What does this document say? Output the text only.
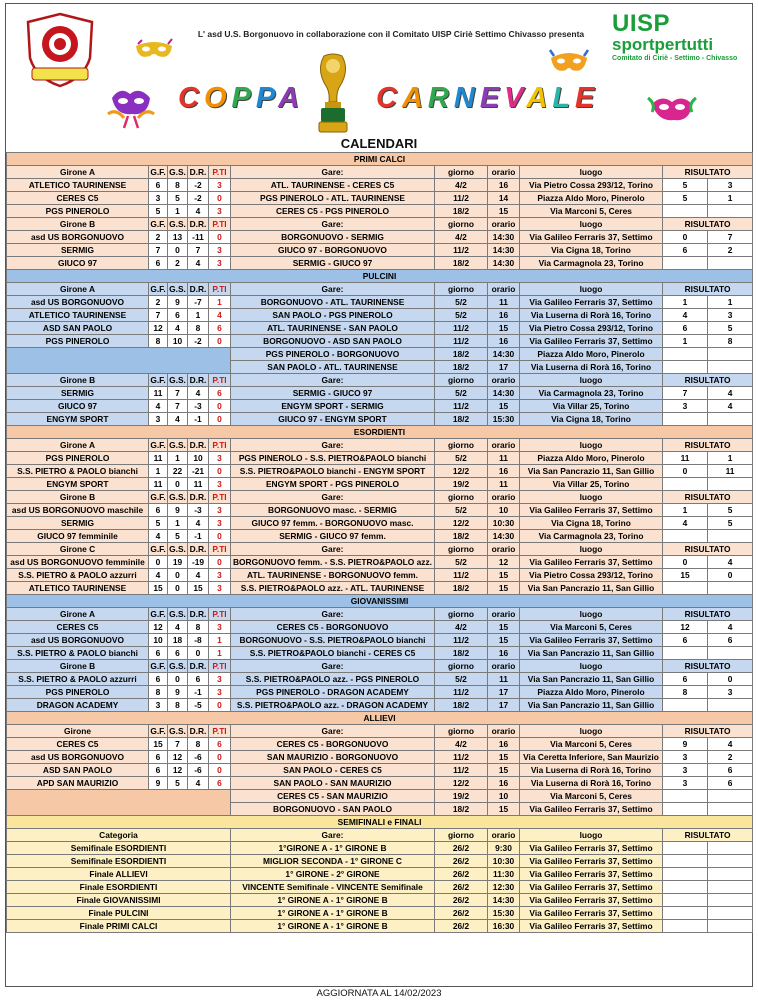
L' asd U.S. Borgonuovo in collaborazione con il Comitato UISP Ciriè Settimo Chivasso presenta UISP
sportpertutti
Comitato di Ciriè - Settimo - Chivasso
COPPA CARNEVALE
CALENDARI
PRIMI CALCI										
Girone A	G.F.	G.S.	D.R.	P.TI	Gare:	giorno	orario	luogo	RISULTATO	
ATLETICO TAURINENSE	6	8	-2	3	ATL. TAURINENSE - CERES C5	4/2	16	Via Pietro Cossa 293/12, Torino	5	3
CERES C5	3	5	-2	0	PGS PINEROLO - ATL. TAURINENSE	11/2	14	Piazza Aldo Moro, Pinerolo	5	1
PGS PINEROLO	5	1	4	3	CERES C5 - PGS PINEROLO	18/2	15	Via Marconi 5, Ceres		
Girone B	G.F.	G.S.	D.R.	P.TI	Gare:	giorno	orario	luogo	RISULTATO	
asd US BORGONUOVO	2	13	-11	0	BORGONUOVO - SERMIG	4/2	14:30	Via Galileo Ferraris 37, Settimo	0	7
SERMIG	7	0	7	3	GIUCO 97 - BORGONUOVO	11/2	14:30	Via Cigna 18, Torino	6	2
GIUCO 97	6	2	4	3	SERMIG - GIUCO 97	18/2	14:30	Via Carmagnola 23, Torino		
PULCINI										
Girone A	G.F.	G.S.	D.R.	P.TI	Gare:	giorno	orario	luogo	RISULTATO	
asd US BORGONUOVO	2	9	-7	1	BORGONUOVO - ATL. TAURINENSE	5/2	11	Via Galileo Ferraris 37, Settimo	1	1
ATLETICO TAURINENSE	7	6	1	4	SAN PAOLO - PGS PINEROLO	5/2	16	Via Luserna di Rorà 16, Torino	4	3
ASD SAN PAOLO	12	4	8	6	ATL. TAURINENSE - SAN PAOLO	11/2	15	Via Pietro Cossa 293/12, Torino	6	5
PGS PINEROLO	8	10	-2	0	BORGONUOVO - ASD SAN PAOLO	11/2	16	Via Galileo Ferraris 37, Settimo	1	8
					PGS PINEROLO - BORGONUOVO	18/2	14:30	Piazza Aldo Moro, Pinerolo		
					SAN PAOLO - ATL. TAURINENSE	18/2	17	Via Luserna di Rorà 16, Torino		
Girone B	G.F.	G.S.	D.R.	P.TI	Gare:	giorno	orario	luogo	RISULTATO	
SERMIG	11	7	4	6	SERMIG - GIUCO 97	5/2	14:30	Via Carmagnola 23, Torino	7	4
GIUCO 97	4	7	-3	0	ENGYM SPORT - SERMIG	11/2	15	Via Villar 25, Torino	3	4
ENGYM SPORT	3	4	-1	0	GIUCO 97 - ENGYM SPORT	18/2	15:30	Via Cigna 18, Torino		
ESORDIENTI										
Girone A	G.F.	G.S.	D.R.	P.TI	Gare:	giorno	orario	luogo	RISULTATO	
PGS PINEROLO	11	1	10	3	PGS PINEROLO - S.S. PIETRO&PAOLO bianchi	5/2	11	Piazza Aldo Moro, Pinerolo	11	1
S.S. PIETRO & PAOLO bianchi	1	22	-21	0	S.S. PIETRO&PAOLO bianchi - ENGYM SPORT	12/2	16	Via San Pancrazio 11, San Gillio	0	11
ENGYM SPORT	11	0	11	3	ENGYM SPORT - PGS PINEROLO	19/2	11	Via Villar 25, Torino		
Girone B	G.F.	G.S.	D.R.	P.TI	Gare:	giorno	orario	luogo	RISULTATO	
asd US BORGONUOVO maschile	6	9	-3	3	BORGONUOVO masc. - SERMIG	5/2	10	Via Galileo Ferraris 37, Settimo	1	5
SERMIG	5	1	4	3	GIUCO 97 femm. - BORGONUOVO masc.	12/2	10:30	Via Cigna 18, Torino	4	5
GIUCO 97 femminile	4	5	-1	0	SERMIG - GIUCO 97 femm.	18/2	14:30	Via Carmagnola 23, Torino		
Girone C	G.F.	G.S.	D.R.	P.TI	Gare:	giorno	orario	luogo	RISULTATO	
asd US BORGONUOVO femminile	0	19	-19	0	BORGONUOVO femm. - S.S. PIETRO&PAOLO azz.	5/2	12	Via Galileo Ferraris 37, Settimo	0	4
S.S. PIETRO & PAOLO azzurri	4	0	4	3	ATL. TAURINENSE - BORGONUOVO femm.	11/2	15	Via Pietro Cossa 293/12, Torino	15	0
ATLETICO TAURINENSE	15	0	15	3	S.S. PIETRO&PAOLO azz. - ATL. TAURINENSE	18/2	15	Via San Pancrazio 11, San Gillio		
GIOVANISSIMI										
Girone A	G.F.	G.S.	D.R.	P.TI	Gare:	giorno	orario	luogo	RISULTATO	
CERES C5	12	4	8	3	CERES C5 - BORGONUOVO	4/2	15	Via Marconi 5, Ceres	12	4
asd US BORGONUOVO	10	18	-8	1	BORGONUOVO - S.S. PIETRO&PAOLO bianchi	11/2	15	Via Galileo Ferraris 37, Settimo	6	6
S.S. PIETRO & PAOLO bianchi	6	6	0	1	S.S. PIETRO&PAOLO bianchi - CERES C5	18/2	16	Via San Pancrazio 11, San Gillio		
Girone B	G.F.	G.S.	D.R.	P.TI	Gare:	giorno	orario	luogo	RISULTATO	
S.S. PIETRO & PAOLO azzurri	6	0	6	3	S.S. PIETRO&PAOLO azz. - PGS PINEROLO	5/2	11	Via San Pancrazio 11, San Gillio	6	0
PGS PINEROLO	8	9	-1	3	PGS PINEROLO - DRAGON ACADEMY	11/2	17	Piazza Aldo Moro, Pinerolo	8	3
DRAGON ACADEMY	3	8	-5	0	S.S. PIETRO&PAOLO azz. - DRAGON ACADEMY	18/2	17	Via San Pancrazio 11, San Gillio		
ALLIEVI										
Girone	G.F.	G.S.	D.R.	P.TI	Gare:	giorno	orario	luogo	RISULTATO	
CERES C5	15	7	8	6	CERES C5 - BORGONUOVO	4/2	16	Via Marconi 5, Ceres	9	4
asd US BORGONUOVO	6	12	-6	0	SAN MAURIZIO - BORGONUOVO	11/2	15	Via Ceretta Inferiore, San Maurizio	3	2
ASD SAN PAOLO	6	12	-6	0	SAN PAOLO - CERES C5	11/2	15	Via Luserna di Rorà 16, Torino	3	6
APD SAN MAURIZIO	9	5	4	6	SAN PAOLO - SAN MAURIZIO	12/2	16	Via Luserna di Rorà 16, Torino	3	6
					CERES C5 - SAN MAURIZIO	19/2	10	Via Marconi 5, Ceres		
					BORGONUOVO - SAN PAOLO	18/2	15	Via Galileo Ferraris 37, Settimo		
SEMIFINALI e FINALI										
Categoria					Gare:	giorno	orario	luogo	RISULTATO	
Semifinale ESORDIENTI					1°GIRONE A - 1° GIRONE B	26/2	9:30	Via Galileo Ferraris 37, Settimo		
Semifinale ESORDIENTI					MIGLIOR SECONDA - 1° GIRONE C	26/2	10:30	Via Galileo Ferraris 37, Settimo		
Finale ALLIEVI					1° GIRONE - 2° GIRONE	26/2	11:30	Via Galileo Ferraris 37, Settimo		
Finale ESORDIENTI					VINCENTE Semifinale - VINCENTE Semifinale	26/2	12:30	Via Galileo Ferraris 37, Settimo		
Finale GIOVANISSIMI					1° GIRONE A - 1° GIRONE B	26/2	14:30	Via Galileo Ferraris 37, Settimo		
Finale PULCINI					1° GIRONE A - 1° GIRONE B	26/2	15:30	Via Galileo Ferraris 37, Settimo		
Finale PRIMI CALCI					1° GIRONE A - 1° GIRONE B	26/2	16:30	Via Galileo Ferraris 37, Settimo		
AGGIORNATA AL 14/02/2023
